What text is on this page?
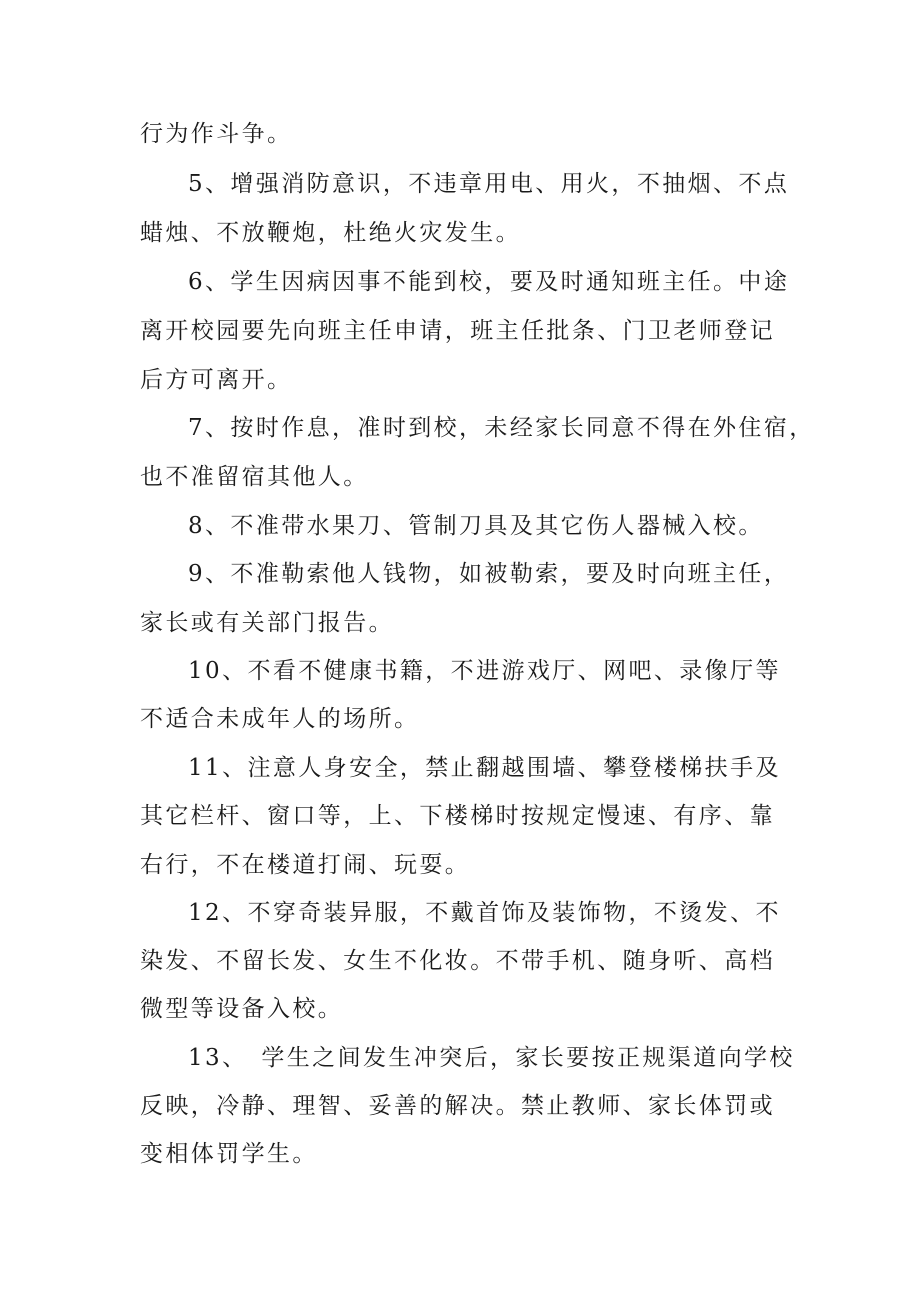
行为作斗争。
5、增强消防意识，不违章用电、用火，不抽烟、不点
蜡烛、不放鞭炮，杜绝火灾发生。
6、学生因病因事不能到校，要及时通知班主任。中途
离开校园要先向班主任申请，班主任批条、门卫老师登记
后方可离开。
7、按时作息，准时到校，未经家长同意不得在外住宿，
也不准留宿其他人。
8、不准带水果刀、管制刀具及其它伤人器械入校。
9、不准勒索他人钱物，如被勒索，要及时向班主任，
家长或有关部门报告。
10、不看不健康书籍，不进游戏厅、网吧、录像厅等
不适合未成年人的场所。
11、注意人身安全，禁止翻越围墙、攀登楼梯扶手及
其它栏杆、窗口等，上、下楼梯时按规定慢速、有序、靠
右行，不在楼道打闹、玩耍。
12、不穿奇装异服，不戴首饰及装饰物，不烫发、不
染发、不留长发、女生不化妆。不带手机、随身听、高档
微型等设备入校。
13、　学生之间发生冲突后，家长要按正规渠道向学校
反映，冷静、理智、妥善的解决。禁止教师、家长体罚或
变相体罚学生。
